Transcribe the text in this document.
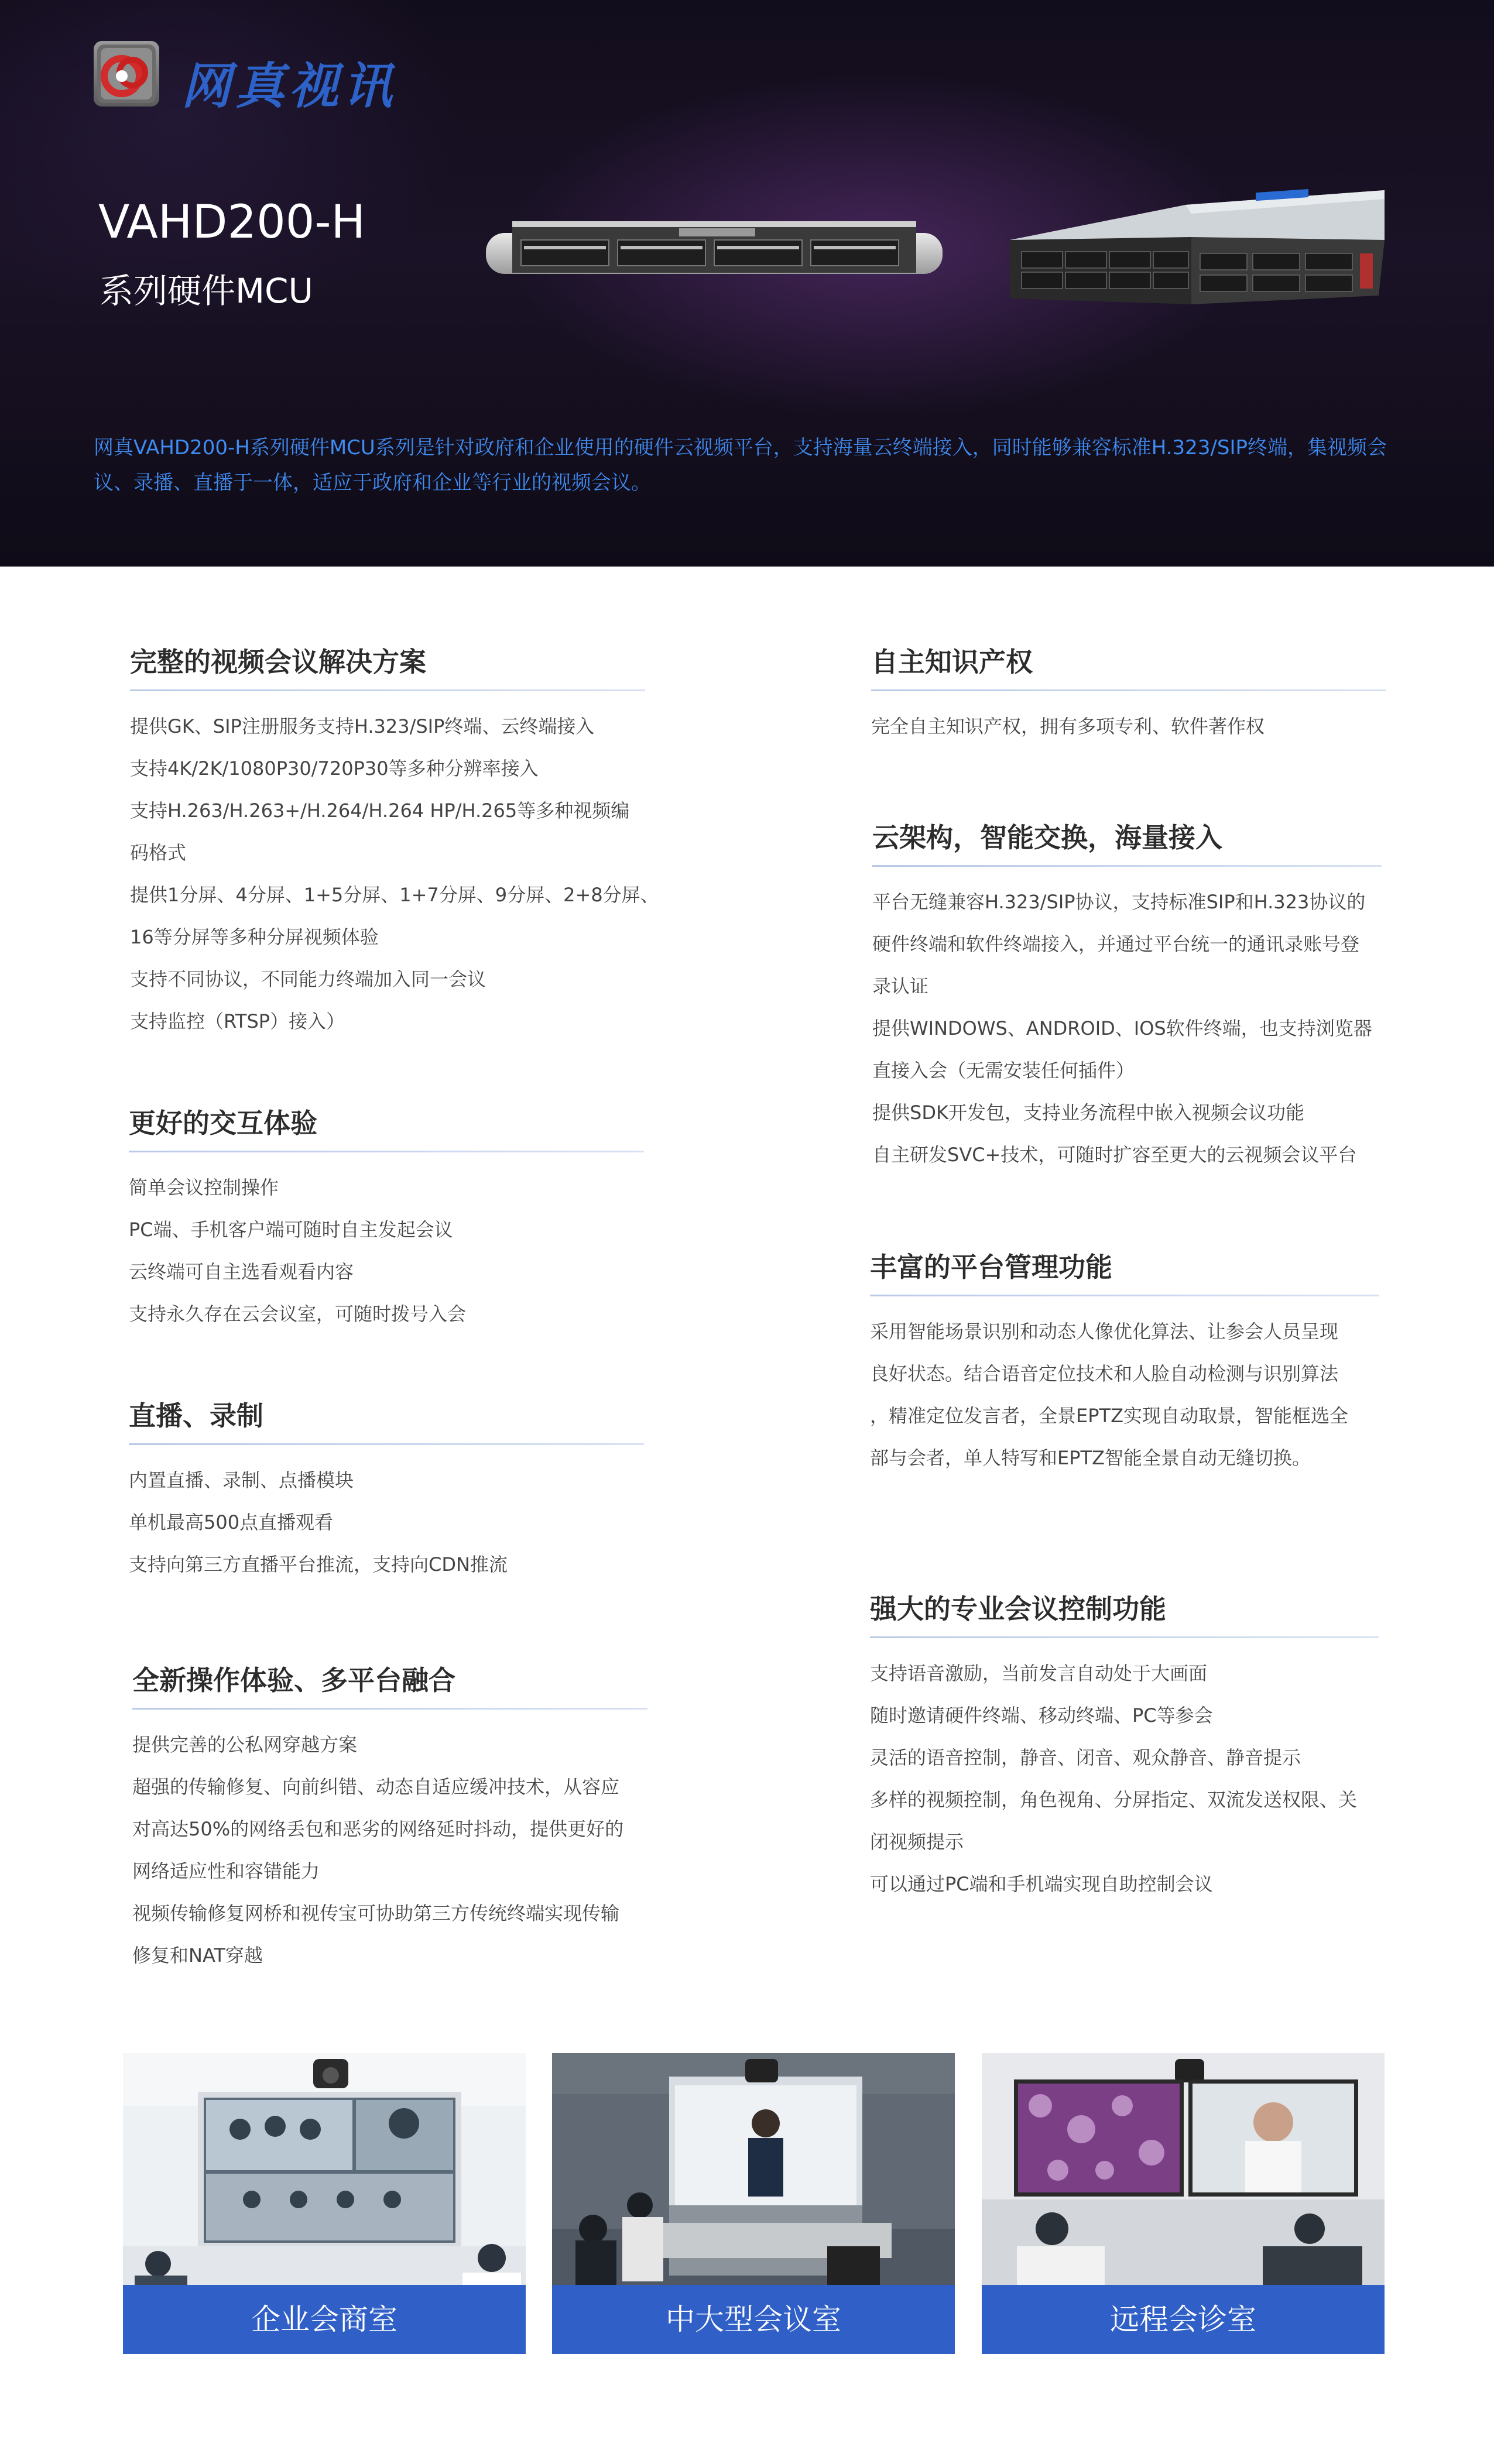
网真视讯
VAHD200-H
系列硬件MCU
网真VAHD200-H系列硬件MCU系列是针对政府和企业使用的硬件云视频平台，支持海量云终端接入，同时能够兼容标准H.323/SIP终端，集视频会议、录播、直播于一体，适应于政府和企业等行业的视频会议。
完整的视频会议解决方案
提供GK、SIP注册服务支持H.323/SIP终端、云终端接入
支持4K/2K/1080P30/720P30等多种分辨率接入
支持H.263/H.263+/H.264/H.264 HP/H.265等多种视频编
码格式
提供1分屏、4分屏、1+5分屏、1+7分屏、9分屏、2+8分屏、
16等分屏等多种分屏视频体验
支持不同协议，不同能力终端加入同一会议
支持监控（RTSP）接入）
更好的交互体验
简单会议控制操作
PC端、手机客户端可随时自主发起会议
云终端可自主选看观看内容
支持永久存在云会议室，可随时拨号入会
直播、录制
内置直播、录制、点播模块
单机最高500点直播观看
支持向第三方直播平台推流，支持向CDN推流
全新操作体验、多平台融合
提供完善的公私网穿越方案
超强的传输修复、向前纠错、动态自适应缓冲技术，从容应
对高达50%的网络丢包和恶劣的网络延时抖动，提供更好的
网络适应性和容错能力
视频传输修复网桥和视传宝可协助第三方传统终端实现传输
修复和NAT穿越
自主知识产权
完全自主知识产权，拥有多项专利、软件著作权
云架构，智能交换，海量接入
平台无缝兼容H.323/SIP协议，支持标准SIP和H.323协议的
硬件终端和软件终端接入，并通过平台统一的通讯录账号登
录认证
提供WINDOWS、ANDROID、IOS软件终端，也支持浏览器
直接入会（无需安装任何插件）
提供SDK开发包，支持业务流程中嵌入视频会议功能
自主研发SVC+技术，可随时扩容至更大的云视频会议平台
丰富的平台管理功能
采用智能场景识别和动态人像优化算法、让参会人员呈现
良好状态。结合语音定位技术和人脸自动检测与识别算法
，精准定位发言者，全景EPTZ实现自动取景，智能框选全
部与会者，单人特写和EPTZ智能全景自动无缝切换。
强大的专业会议控制功能
支持语音激励，当前发言自动处于大画面
随时邀请硬件终端、移动终端、PC等参会
灵活的语音控制，静音、闭音、观众静音、静音提示
多样的视频控制，角色视角、分屏指定、双流发送权限、关
闭视频提示
可以通过PC端和手机端实现自助控制会议
企业会商室	中大型会议室	远程会诊室
